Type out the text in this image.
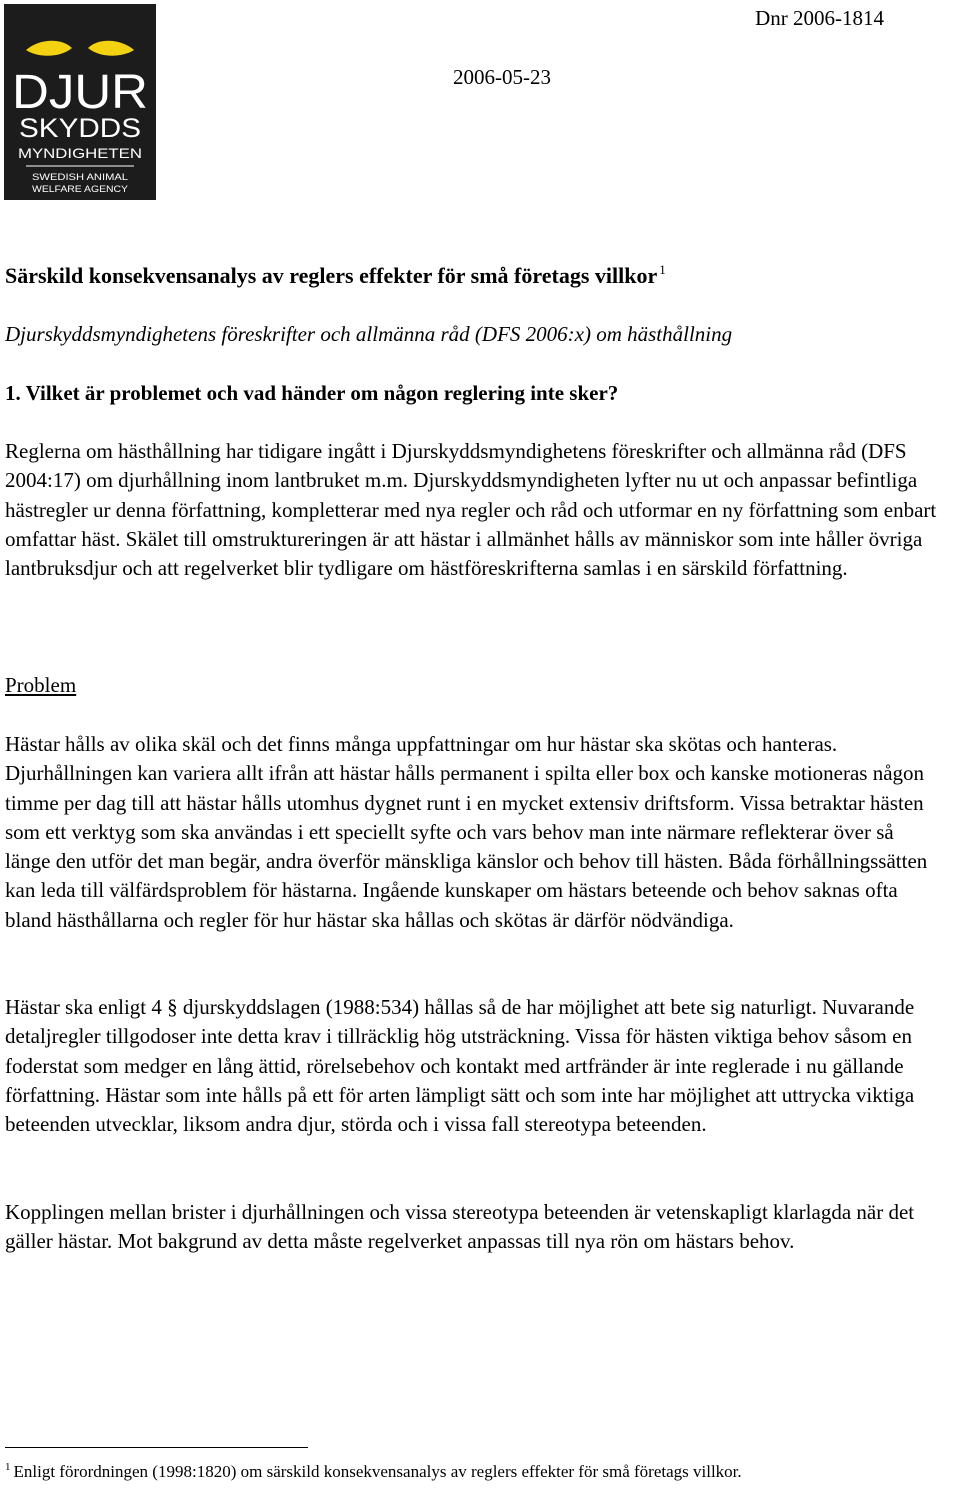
DJUR
SKYDDS
MYNDIGHETEN
SWEDISH ANIMAL
WELFARE AGENCY
Dnr 2006-1814
2006-05-23
Särskild konsekvensanalys av reglers effekter för små företags villkor $^1$
Djurskyddsmyndighetens föreskrifter och allmänna råd (DFS 2006:x) om hästhållning
1. Vilket är problemet och vad händer om någon reglering inte sker?

Reglerna om hästhållning har tidigare ingått i Djurskyddsmyndighetens föreskrifter och allmänna råd (DFS 2004:17) om djurhållning inom lantbruket m.m. Djurskyddsmyndigheten lyfter nu ut och anpassar befintliga hästregler ur denna författning, kompletterar med nya regler och råd och utformar en ny författning som enbart omfattar häst. Skälet till omstruktureringen är att hästar i allmänhet hålls av människor som inte håller övriga lantbruksdjur och att regelverket blir tydligare om hästföreskrifterna samlas i en särskild författning.

Problem

Hästar hålls av olika skäl och det finns många uppfattningar om hur hästar ska skötas och hanteras. Djurhållningen kan variera allt ifrån att hästar hålls permanent i spilta eller box och kanske motioneras någon timme per dag till att hästar hålls utomhus dygnet runt i en mycket extensiv driftsform. Vissa betraktar hästen som ett verktyg som ska användas i ett speciellt syfte och vars behov man inte närmare reflekterar över så länge den utför det man begär, andra överför mänskliga känslor och behov till hästen. Båda förhållningssätten kan leda till välfärdsproblem för hästarna. Ingående kunskaper om hästars beteende och behov saknas ofta bland hästhållarna och regler för hur hästar ska hållas och skötas är därför nödvändiga.

Hästar ska enligt 4 § djurskyddslagen (1988:534) hållas så de har möjlighet att bete sig naturligt. Nuvarande detaljregler tillgodoser inte detta krav i tillräcklig hög utsträckning. Vissa för hästen viktiga behov såsom en foderstat som medger en lång ättid, rörelsebehov och kontakt med artfränder är inte reglerade i nu gällande författning. Hästar som inte hålls på ett för arten lämpligt sätt och som inte har möjlighet att uttrycka viktiga beteenden utvecklar, liksom andra djur, störda och i vissa fall stereotypa beteenden.

Kopplingen mellan brister i djurhållningen och vissa stereotypa beteenden är vetenskapligt klarlagda när det gäller hästar. Mot bakgrund av detta måste regelverket anpassas till nya rön om hästars behov.

$^1$ Enligt förordningen (1998:1820) om särskild konsekvensanalys av reglers effekter för små företags villkor.
